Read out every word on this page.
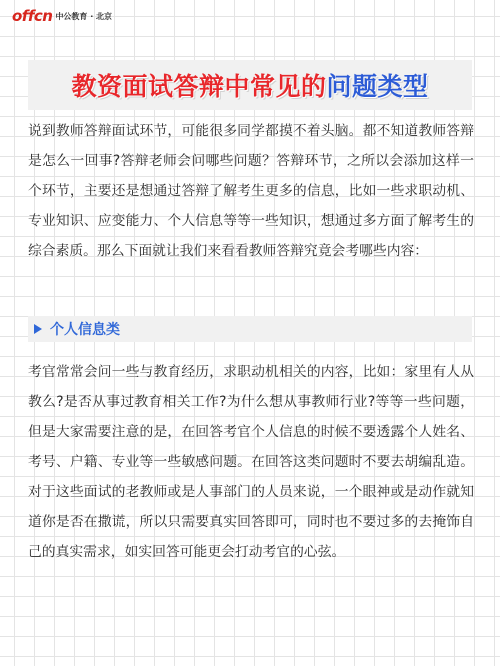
offcn 中公教育 · 北京
教资面试答辩中常见的问题类型

说到教师答辩面试环节，可能很多同学都摸不着头脑。都不知道教师答辩是怎么一回事?答辩老师会问哪些问题？答辩环节，之所以会添加这样一个环节，主要还是想通过答辩了解考生更多的信息，比如一些求职动机、专业知识、应变能力、个人信息等等一些知识，想通过多方面了解考生的综合素质。那么下面就让我们来看看教师答辩究竟会考哪些内容：

个人信息类

考官常常会问一些与教育经历，求职动机相关的内容，比如：家里有人从教么?是否从事过教育相关工作?为什么想从事教师行业?等等一些问题，但是大家需要注意的是，在回答考官个人信息的时候不要透露个人姓名、考号、户籍、专业等一些敏感问题。在回答这类问题时不要去胡编乱造。对于这些面试的老教师或是人事部门的人员来说，一个眼神或是动作就知道你是否在撒谎，所以只需要真实回答即可，同时也不要过多的去掩饰自己的真实需求，如实回答可能更会打动考官的心弦。
